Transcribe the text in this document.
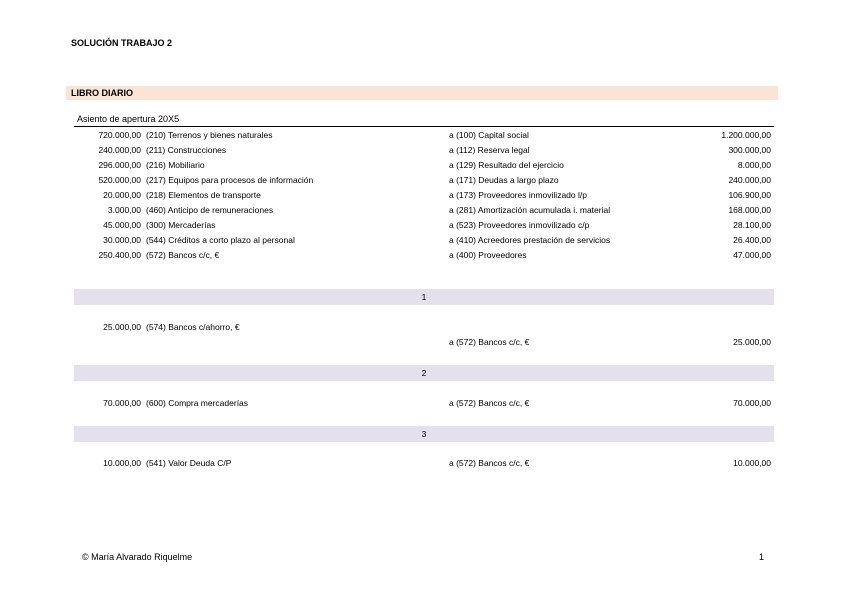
SOLUCIÓN TRABAJO 2
LIBRO DIARIO
Asiento de apertura 20X5
720.000,00 (210) Terrenos y bienes naturales	a (100) Capital social	1.200.000,00
240.000,00 (211) Construcciones	a (112) Reserva legal	300.000,00
296.000,00 (216) Mobiliario	a (129) Resultado del ejercicio	8.000,00
520.000,00 (217) Equipos para procesos de información	a (171) Deudas a largo plazo	240.000,00
20.000,00 (218) Elementos de transporte	a (173) Proveedores inmovilizado l/p	106.900,00
3.000,00 (460) Anticipo de remuneraciones	a (281) Amortización acumulada i. material	168.000,00
45.000,00 (300) Mercaderías	a (523) Proveedores inmovilizado c/p	28.100,00
30.000,00 (544) Créditos a corto plazo al personal	a (410) Acreedores prestación de servicios	26.400,00
250.400,00 (572) Bancos c/c, €	a (400) Proveedores	47.000,00
1
25.000,00 (574) Bancos c/ahorro, €
a (572) Bancos c/c, €	25.000,00
2
70.000,00 (600) Compra mercaderías	a (572) Bancos c/c, €	70.000,00
3
10.000,00 (541) Valor Deuda C/P	a (572) Bancos c/c, €	10.000,00
© María Alvarado Riquelme	1
